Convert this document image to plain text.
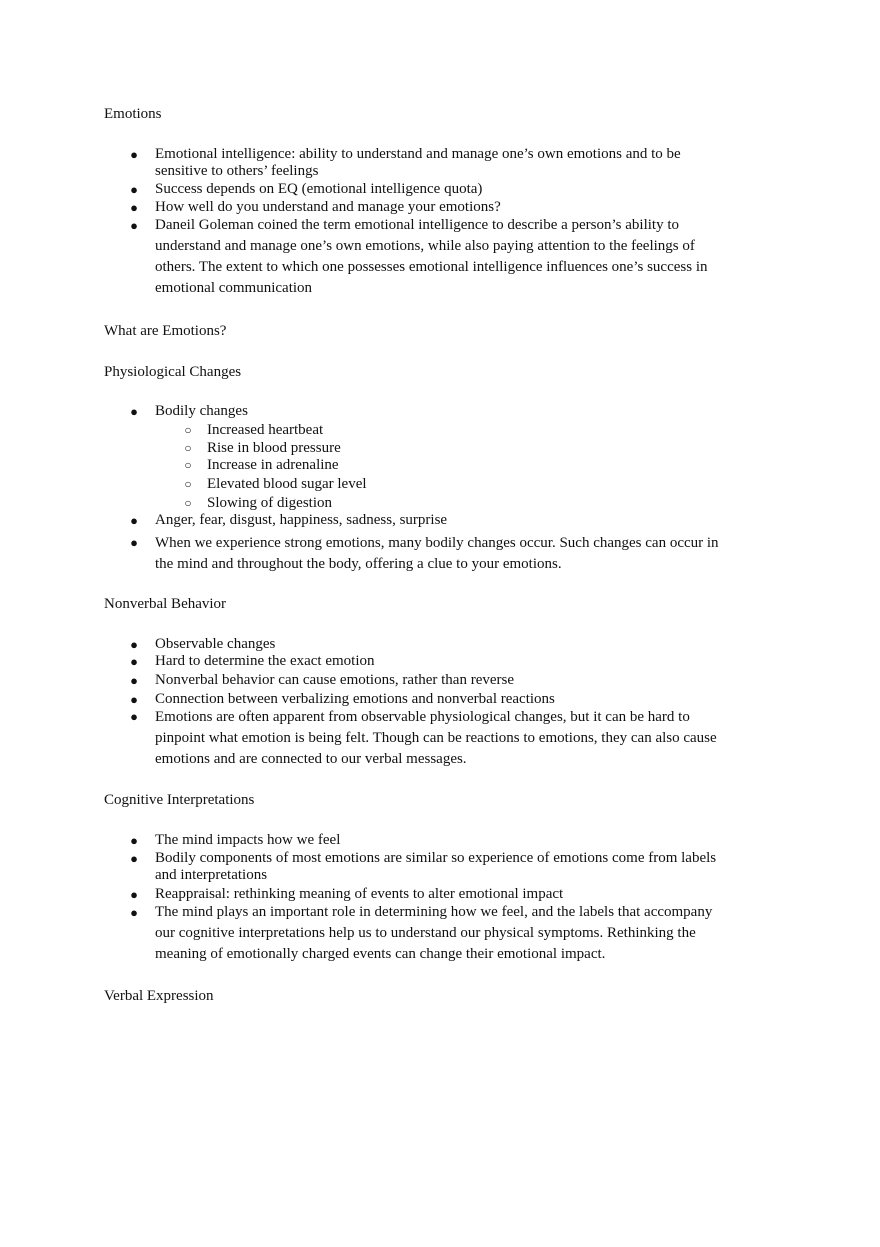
Emotions
● Emotional intelligence: ability to understand and manage one’s own emotions and to be sensitive to others’ feelings
● Success depends on EQ (emotional intelligence quota)
● How well do you understand and manage your emotions?
● Daneil Goleman coined the term emotional intelligence to describe a person’s ability to understand and manage one’s own emotions, while also paying attention to the feelings of others. The extent to which one possesses emotional intelligence influences one’s success in emotional communication
What are Emotions?
Physiological Changes
● Bodily changes
○ Increased heartbeat
○ Rise in blood pressure
○ Increase in adrenaline
○ Elevated blood sugar level
○ Slowing of digestion
● Anger, fear, disgust, happiness, sadness, surprise
● When we experience strong emotions, many bodily changes occur. Such changes can occur in the mind and throughout the body, offering a clue to your emotions.
Nonverbal Behavior
● Observable changes
● Hard to determine the exact emotion
● Nonverbal behavior can cause emotions, rather than reverse
● Connection between verbalizing emotions and nonverbal reactions
● Emotions are often apparent from observable physiological changes, but it can be hard to pinpoint what emotion is being felt. Though can be reactions to emotions, they can also cause emotions and are connected to our verbal messages.
Cognitive Interpretations
● The mind impacts how we feel
● Bodily components of most emotions are similar so experience of emotions come from labels and interpretations
● Reappraisal: rethinking meaning of events to alter emotional impact
● The mind plays an important role in determining how we feel, and the labels that accompany our cognitive interpretations help us to understand our physical symptoms. Rethinking the meaning of emotionally charged events can change their emotional impact.
Verbal Expression
